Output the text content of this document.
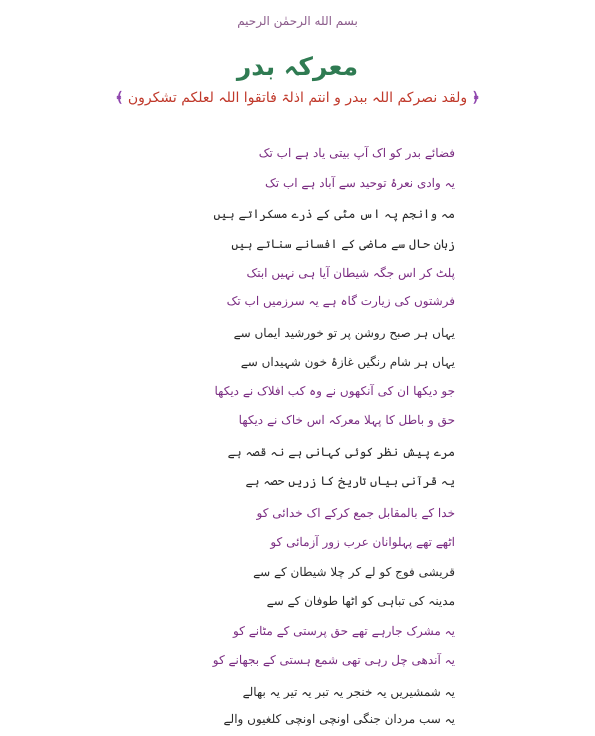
بسم الله الرحمٰن الرحيم
معرکہ بدر
﴿ ولقد نصرکم اللہ ببدر و انتم اذلۃ فاتقوا اللہ لعلکم تشکرون ﴾
فضائے بدر کو اک آپ بیتی یاد ہے اب تک
یہ وادی نعرۂ توحید سے آباد ہے اب تک
مہ وانجم پہ اس مٹی کے ذرے مسکراتے ہیں
زبان حال سے ماضی کے افسانے سناتے ہیں
پلٹ کر اس جگہ شیطان آیا ہی نہیں ابتک
فرشتوں کی زیارت گاہ ہے یہ سرزمیں اب تک
یہاں ہر صبح روشن پر تو خورشید ایماں سے
یہاں ہر شام رنگیں غازۂ خون شہیداں سے
جو دیکھا ان کی آنکھوں نے وہ کب افلاک نے دیکھا
حق و باطل کا پہلا معرکہ اس خاک نے دیکھا
مرے پیش نظر کوئی کہانی ہے نہ قصہ ہے
یہ قرآنی بیاں تاریخ کا زریں حصہ ہے
خدا کے بالمقابل جمع کرکے اک خدائی کو
اٹھے تھے پہلوانان عرب زور آزمائی کو
قریشی فوج کو لے کر چلا شیطان کے سے
مدینہ کی تباہی کو اٹھا طوفان کے سے
یہ مشرک جارہے تھے حق پرستی کے مٹانے کو
یہ آندھی چل رہی تھی شمع ہستی کے بجھانے کو
یہ شمشیریں یہ خنجر یہ تبر یہ تیر یہ بھالے
یہ سب مردان جنگی اونچی اونچی کلغیوں والے
